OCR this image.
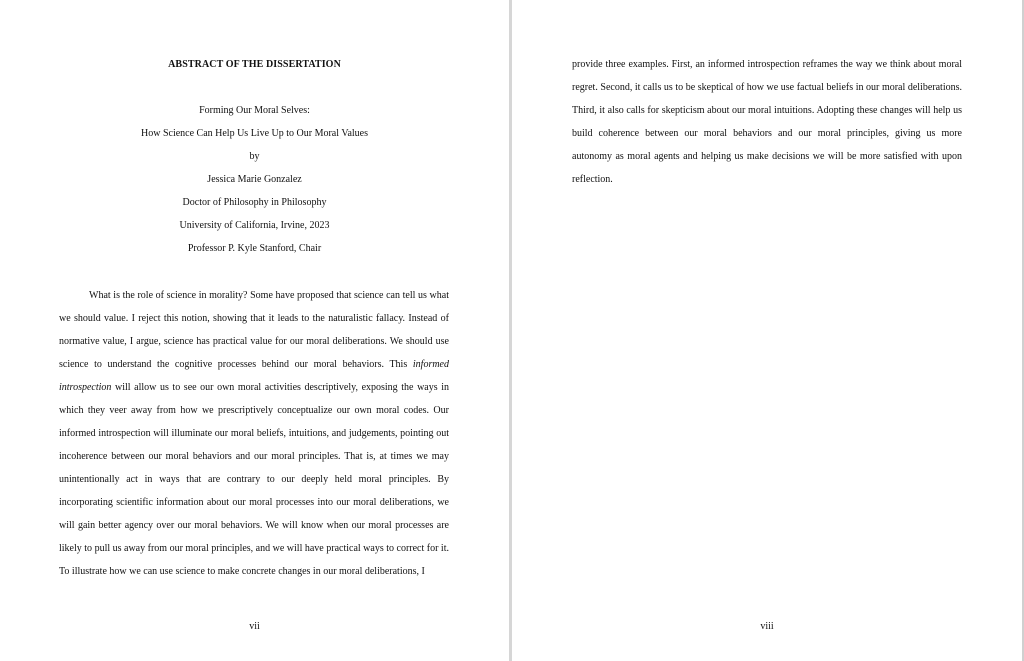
ABSTRACT OF THE DISSERTATION
Forming Our Moral Selves:
How Science Can Help Us Live Up to Our Moral Values
by
Jessica Marie Gonzalez
Doctor of Philosophy in Philosophy
University of California, Irvine, 2023
Professor P. Kyle Stanford, Chair

What is the role of science in morality? Some have proposed that science can tell us what
we should value. I reject this notion, showing that it leads to the naturalistic fallacy. Instead of
normative value, I argue, science has practical value for our moral deliberations. We should use
science to understand the cognitive processes behind our moral behaviors. This informed
introspection will allow us to see our own moral activities descriptively, exposing the ways in
which they veer away from how we prescriptively conceptualize our own moral codes. Our
informed introspection will illuminate our moral beliefs, intuitions, and judgements, pointing out
incoherence between our moral behaviors and our moral principles. That is, at times we may
unintentionally act in ways that are contrary to our deeply held moral principles. By
incorporating scientific information about our moral processes into our moral deliberations, we
will gain better agency over our moral behaviors. We will know when our moral processes are
likely to pull us away from our moral principles, and we will have practical ways to correct for it.
To illustrate how we can use science to make concrete changes in our moral deliberations, I

vii

provide three examples. First, an informed introspection reframes the way we think about moral
regret. Second, it calls us to be skeptical of how we use factual beliefs in our moral deliberations.
Third, it also calls for skepticism about our moral intuitions. Adopting these changes will help us
build coherence between our moral behaviors and our moral principles, giving us more
autonomy as moral agents and helping us make decisions we will be more satisfied with upon
reflection.

viii
